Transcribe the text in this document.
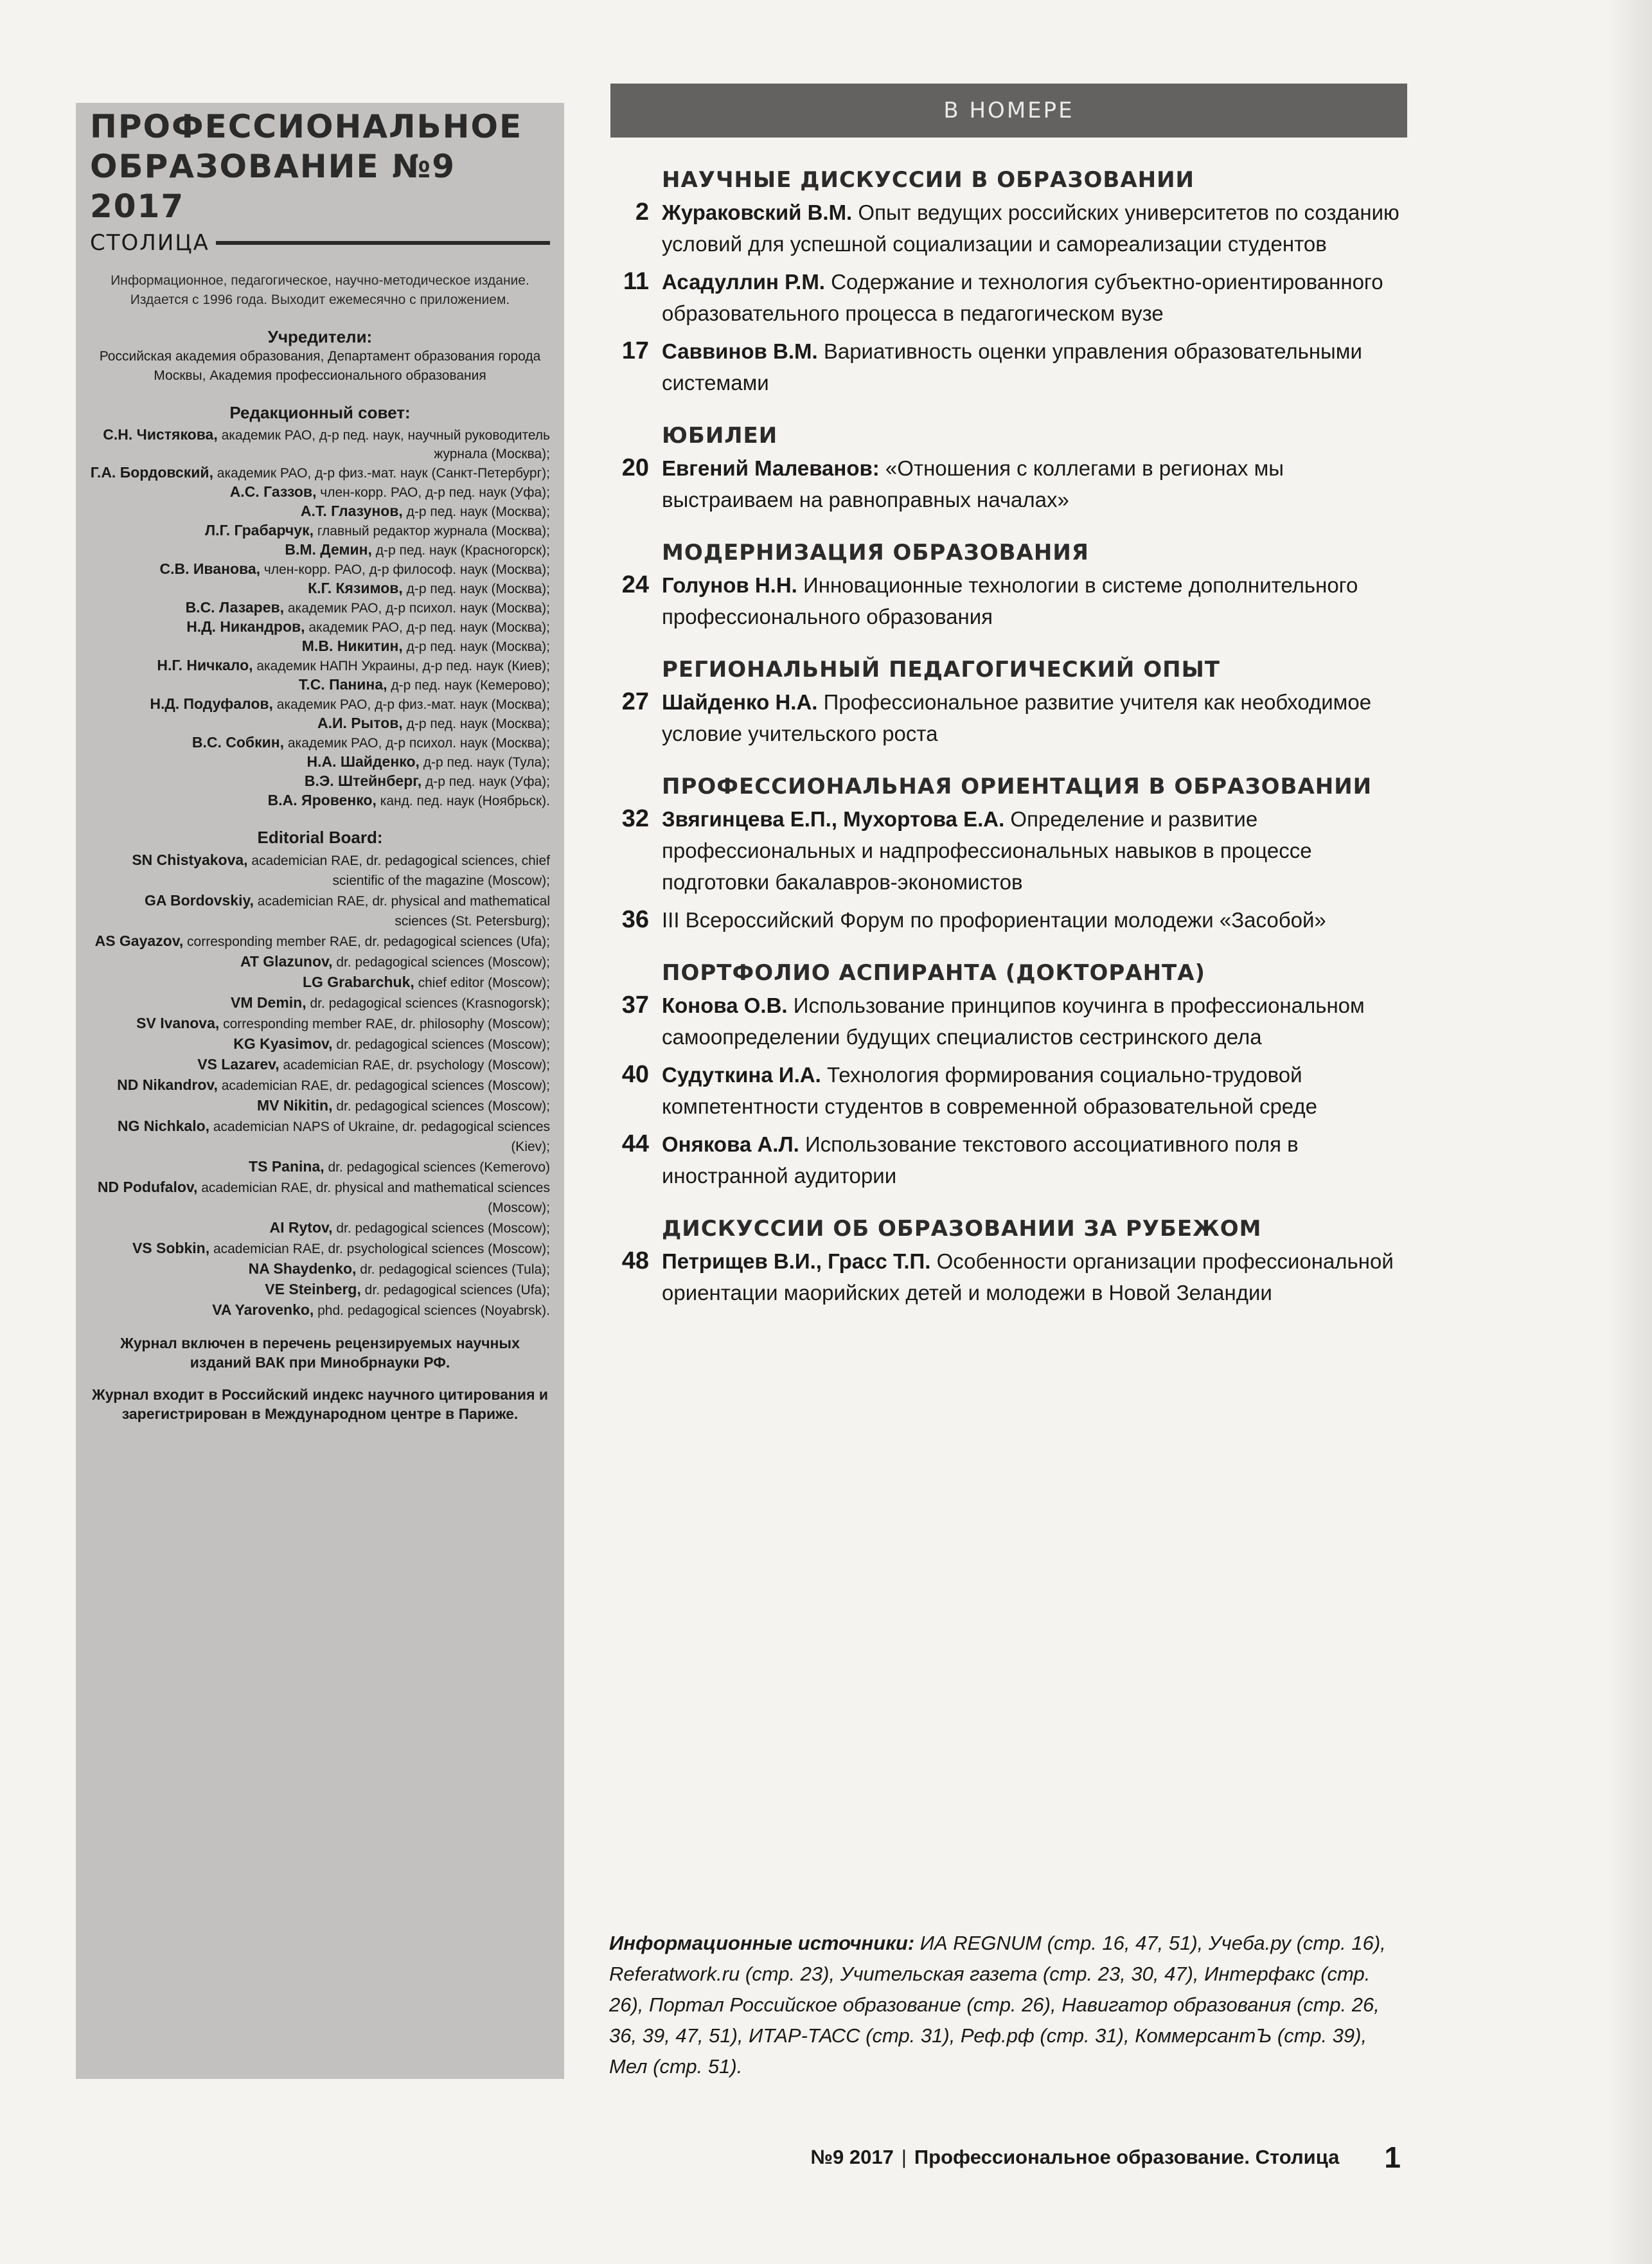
ПРОФЕССИОНАЛЬНОЕ
ОБРАЗОВАНИЕ №9 2017
СТОЛИЦА
Информационное, педагогическое, научно-методическое издание. Издается с 1996 года. Выходит ежемесячно с приложением.
Учредители:
Российская академия образования, Департамент образования города Москвы, Академия профессионального образования
Редакционный совет:
С.Н. Чистякова, академик РАО, д-р пед. наук, научный руководитель журнала (Москва);
Г.А. Бордовский, академик РАО, д-р физ.-мат. наук (Санкт-Петербург);
А.С. Газзов, член-корр. РАО, д-р пед. наук (Уфа);
А.Т. Глазунов, д-р пед. наук (Москва);
Л.Г. Грабарчук, главный редактор журнала (Москва);
В.М. Демин, д-р пед. наук (Красногорск);
С.В. Иванова, член-корр. РАО, д-р философ. наук (Москва);
К.Г. Кязимов, д-р пед. наук (Москва);
В.С. Лазарев, академик РАО, д-р психол. наук (Москва);
Н.Д. Никандров, академик РАО, д-р пед. наук (Москва);
М.В. Никитин, д-р пед. наук (Москва);
Н.Г. Ничкало, академик НАПН Украины, д-р пед. наук (Киев);
Т.С. Панина, д-р пед. наук (Кемерово);
Н.Д. Подуфалов, академик РАО, д-р физ.-мат. наук (Москва);
А.И. Рытов, д-р пед. наук (Москва);
В.С. Собкин, академик РАО, д-р психол. наук (Москва);
Н.А. Шайденко, д-р пед. наук (Тула);
В.Э. Штейнберг, д-р пед. наук (Уфа);
В.А. Яровенко, канд. пед. наук (Ноябрьск).
Editorial Board:
SN Chistyakova, academician RAE, dr. pedagogical sciences, chief scientific of the magazine (Moscow);
GA Bordovskiy, academician RAE, dr. physical and mathematical sciences (St. Petersburg);
AS Gayazov, corresponding member RAE, dr. pedagogical sciences (Ufa);
AT Glazunov, dr. pedagogical sciences (Moscow);
LG Grabarchuk, chief editor (Moscow);
VM Demin, dr. pedagogical sciences (Krasnogorsk);
SV Ivanova, corresponding member RAE, dr. philosophy (Moscow);
KG Kyasimov, dr. pedagogical sciences (Moscow);
VS Lazarev, academician RAE, dr. psychology (Moscow);
ND Nikandrov, academician RAE, dr. pedagogical sciences (Moscow);
MV Nikitin, dr. pedagogical sciences (Moscow);
NG Nichkalo, academician NAPS of Ukraine, dr. pedagogical sciences (Kiev);
TS Panina, dr. pedagogical sciences (Kemerovo)
ND Podufalov, academician RAE, dr. physical and mathematical sciences (Moscow);
AI Rytov, dr. pedagogical sciences (Moscow);
VS Sobkin, academician RAE, dr. psychological sciences (Moscow);
NA Shaydenko, dr. pedagogical sciences (Tula);
VE Steinberg, dr. pedagogical sciences (Ufa);
VA Yarovenko, phd. pedagogical sciences (Noyabrsk).
Журнал включен в перечень рецензируемых научных изданий ВАК при Минобрнауки РФ.
Журнал входит в Российский индекс научного цитирования и зарегистрирован в Международном центре в Париже.
В НОМЕРЕ
НАУЧНЫЕ ДИСКУССИИ В ОБРАЗОВАНИИ
2 Жураковский В.М. Опыт ведущих российских университетов по созданию условий для успешной социализации и самореализации студентов
11 Асадуллин Р.М. Содержание и технология субъектно-ориентированного образовательного процесса в педагогическом вузе
17 Саввинов В.М. Вариативность оценки управления образовательными системами
ЮБИЛЕИ
20 Евгений Малеванов: «Отношения с коллегами в регионах мы выстраиваем на равноправных началах»
МОДЕРНИЗАЦИЯ ОБРАЗОВАНИЯ
24 Голунов Н.Н. Инновационные технологии в системе дополнительного профессионального образования
РЕГИОНАЛЬНЫЙ ПЕДАГОГИЧЕСКИЙ ОПЫТ
27 Шайденко Н.А. Профессиональное развитие учителя как необходимое условие учительского роста
ПРОФЕССИОНАЛЬНАЯ ОРИЕНТАЦИЯ В ОБРАЗОВАНИИ
32 Звягинцева Е.П., Мухортова Е.А. Определение и развитие профессиональных и надпрофессиональных навыков в процессе подготовки бакалавров-экономистов
36 III Всероссийский Форум по профориентации молодежи «Засобой»
ПОРТФОЛИО АСПИРАНТА (ДОКТОРАНТА)
37 Конова О.В. Использование принципов коучинга в профессиональном самоопределении будущих специалистов сестринского дела
40 Судуткина И.А. Технология формирования социально-трудовой компетентности студентов в современной образовательной среде
44 Онякова А.Л. Использование текстового ассоциативного поля в иностранной аудитории
ДИСКУССИИ ОБ ОБРАЗОВАНИИ ЗА РУБЕЖОМ
48 Петрищев В.И., Грасс Т.П. Особенности организации профессиональной ориентации маорийских детей и молодежи в Новой Зеландии
Информационные источники: ИА REGNUM (стр. 16, 47, 51), Учеба.ру (стр. 16), Referatwork.ru (стр. 23), Учительская газета (стр. 23, 30, 47), Интерфакс (стр. 26), Портал Российское образование (стр. 26), Навигатор образования (стр. 26, 36, 39, 47, 51), ИТАР-ТАСС (стр. 31), Реф.рф (стр. 31), КоммерсантЪ (стр. 39), Мел (стр. 51).
№9 2017 | Профессиональное образование. Столица 1
